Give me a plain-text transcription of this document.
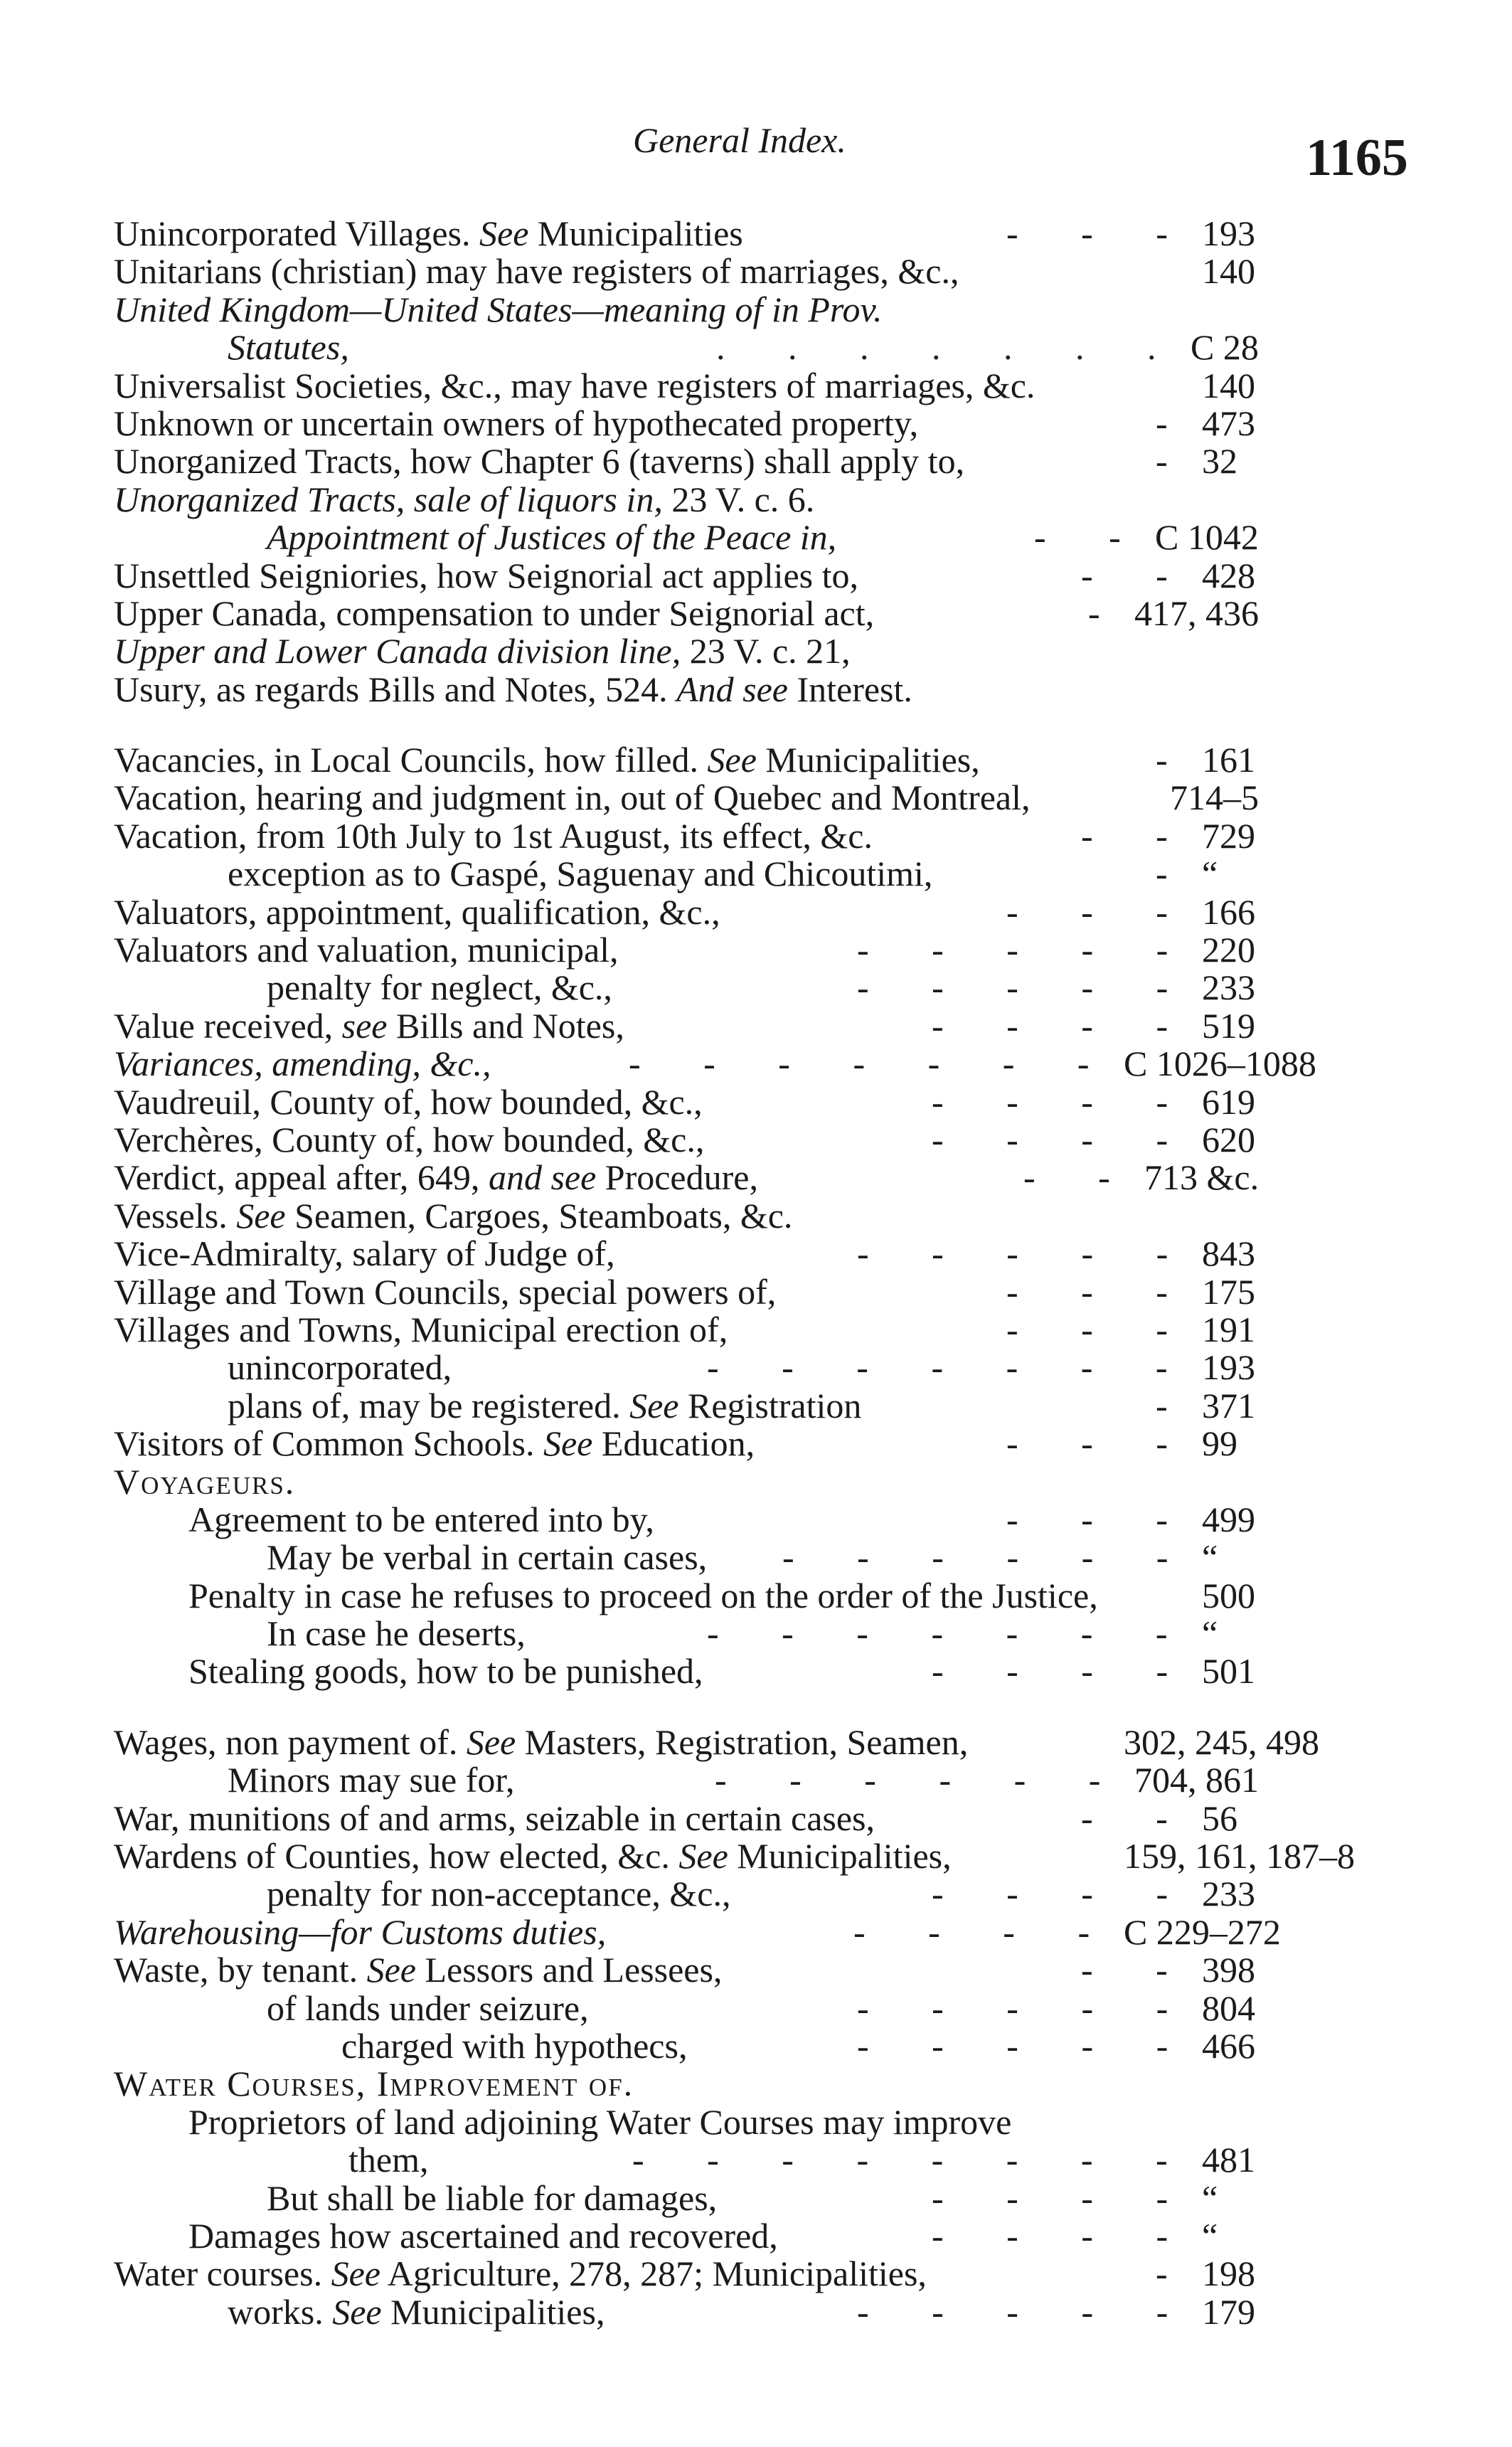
General Index.	1165
Unincorporated Villages. See Municipalities	- - - 193
Unitarians (christian) may have registers of marriages, &c.,	140
United Kingdom—United States—meaning of in Prov.
Statutes,	. . . . . . . C 28
Universalist Societies, &c., may have registers of marriages, &c.	140
Unknown or uncertain owners of hypothecated property,	- 473
Unorganized Tracts, how Chapter 6 (taverns) shall apply to,	- 32
Unorganized Tracts, sale of liquors in, 23 V. c. 6.
Appointment of Justices of the Peace in,	- - C 1042
Unsettled Seigniories, how Seignorial act applies to,	- - 428
Upper Canada, compensation to under Seignorial act,	- 417, 436
Upper and Lower Canada division line, 23 V. c. 21,
Usury, as regards Bills and Notes, 524. And see Interest.
Vacancies, in Local Councils, how filled. See Municipalities,	- 161
Vacation, hearing and judgment in, out of Quebec and Montreal,	714–5
Vacation, from 10th July to 1st August, its effect, &c.	- - 729
exception as to Gaspé, Saguenay and Chicoutimi,	- “
Valuators, appointment, qualification, &c.,	- - - 166
Valuators and valuation, municipal,	- - - - - 220
penalty for neglect, &c.,	- - - - - 233
Value received, see Bills and Notes,	- - - - 519
Variances, amending, &c.,	- - - - - - - C 1026–1088
Vaudreuil, County of, how bounded, &c.,	- - - - 619
Verchères, County of, how bounded, &c.,	- - - - 620
Verdict, appeal after, 649, and see Procedure,	- - 713 &c.
Vessels. See Seamen, Cargoes, Steamboats, &c.
Vice-Admiralty, salary of Judge of,	- - - - - 843
Village and Town Councils, special powers of,	- - - 175
Villages and Towns, Municipal erection of,	- - - 191
unincorporated,	- - - - - - - 193
plans of, may be registered. See Registration	- 371
Visitors of Common Schools. See Education,	- - - 99
Voyageurs.
Agreement to be entered into by,	- - - 499
May be verbal in certain cases, - - - - - - “
Penalty in case he refuses to proceed on the order of the Justice,	500
In case he deserts,	- - - - - - - “
Stealing goods, how to be punished,	- - - - 501
Wages, non payment of. See Masters, Registration, Seamen,	302, 245, 498
Minors may sue for,	- - - - - - 704, 861
War, munitions of and arms, seizable in certain cases,	- - 56
Wardens of Counties, how elected, &c. See Municipalities,	159, 161, 187–8
penalty for non-acceptance, &c.,	- - - - 233
Warehousing—for Customs duties,	- - - - C 229–272
Waste, by tenant. See Lessors and Lessees,	- - 398
of lands under seizure,	- - - - - 804
charged with hypothecs,	- - - - - 466
Water Courses, Improvement of.
Proprietors of land adjoining Water Courses may improve
them,	- - - - - - - - 481
But shall be liable for damages,	- - - - “
Damages how ascertained and recovered,	- - - - “
Water courses. See Agriculture, 278, 287; Municipalities,	- 198
works. See Municipalities,	- - - - - 179
